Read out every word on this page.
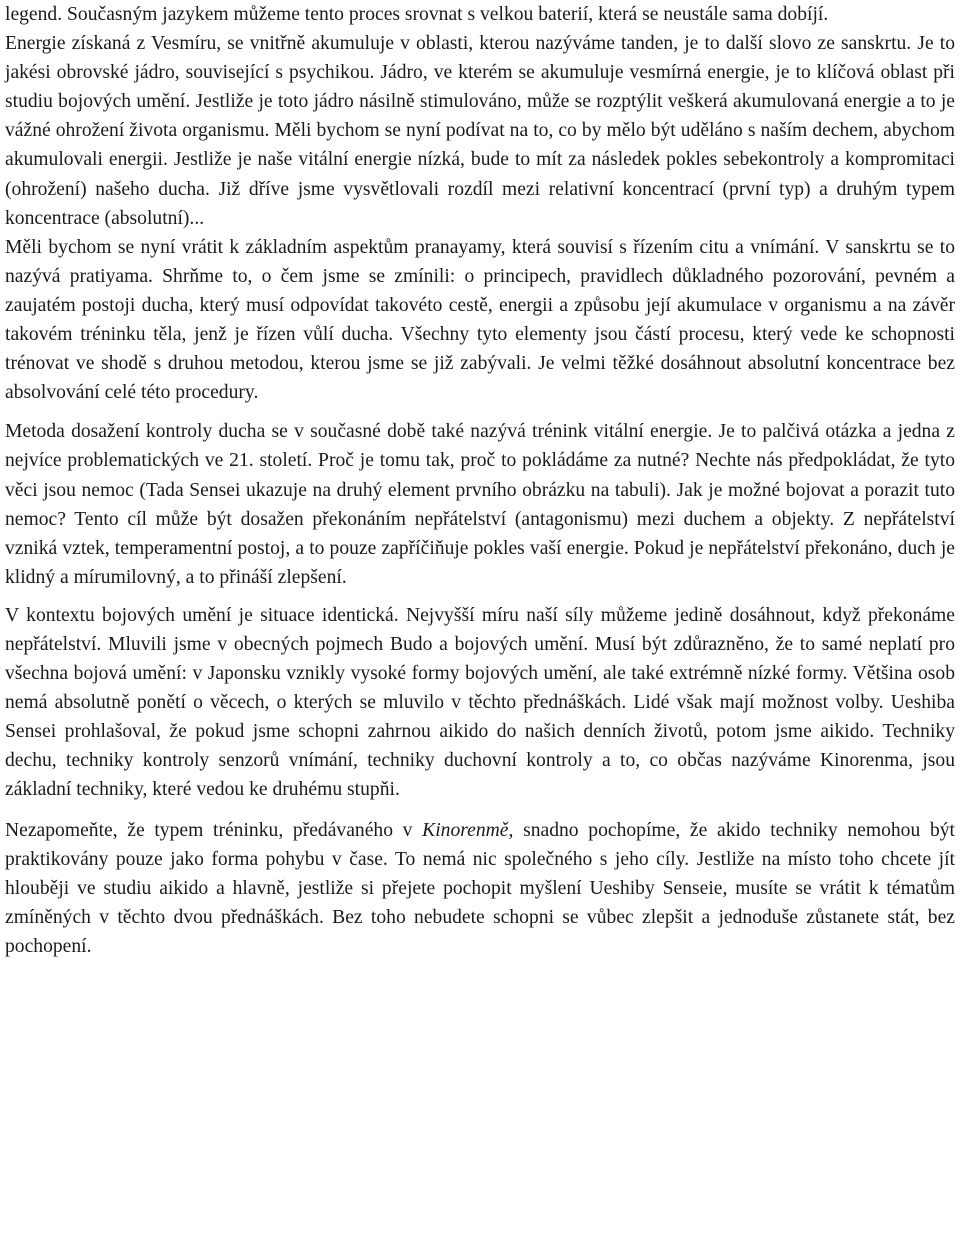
legend. Současným jazykem můžeme tento proces srovnat s velkou baterií, která se neustále sama dobíjí.

Energie získaná z Vesmíru, se vnitřně akumuluje v oblasti, kterou nazýváme tanden, je to další slovo ze sanskrtu. Je to jakési obrovské jádro, související s psychikou. Jádro, ve kterém se akumuluje vesmírná energie, je to klíčová oblast při studiu bojových umění. Jestliže je toto jádro násilně stimulováno, může se rozptýlit veškerá akumulovaná energie a to je vážné ohrožení života organismu. Měli bychom se nyní podívat na to, co by mělo být uděláno s naším dechem, abychom akumulovali energii. Jestliže je naše vitální energie nízká, bude to mít za následek pokles sebekontroly a kompromitaci (ohrožení) našeho ducha. Již dříve jsme vysvětlovali rozdíl mezi relativní koncentrací (první typ) a druhým typem koncentrace (absolutní)...

Měli bychom se nyní vrátit k základním aspektům pranayamy, která souvisí s řízením citu a vnímání. V sanskrtu se to nazývá pratiyama. Shrňme to, o čem jsme se zmínili: o principech, pravidlech důkladného pozorování, pevném a zaujatém postoji ducha, který musí odpovídat takovéto cestě, energii a způsobu její akumulace v organismu a na závěr takovém tréninku těla, jenž je řízen vůlí ducha. Všechny tyto elementy jsou částí procesu, který vede ke schopnosti trénovat ve shodě s druhou metodou, kterou jsme se již zabývali. Je velmi těžké dosáhnout absolutní koncentrace bez absolvování celé této procedury.

Metoda dosažení kontroly ducha se v současné době také nazývá trénink vitální energie. Je to palčivá otázka a jedna z nejvíce problematických ve 21. století. Proč je tomu tak, proč to pokládáme za nutné? Nechte nás předpokládat, že tyto věci jsou nemoc (Tada Sensei ukazuje na druhý element prvního obrázku na tabuli). Jak je možné bojovat a porazit tuto nemoc? Tento cíl může být dosažen překonáním nepřátelství (antagonismu) mezi duchem a objekty. Z nepřátelství vzniká vztek, temperamentní postoj, a to pouze zapříčiňuje pokles vaší energie. Pokud je nepřátelství překonáno, duch je klidný a mírumilovný, a to přináší zlepšení.

V kontextu bojových umění je situace identická. Nejvyšší míru naší síly můžeme jedině dosáhnout, když překonáme nepřátelství. Mluvili jsme v obecných pojmech Budo a bojových umění. Musí být zdůrazněno, že to samé neplatí pro všechna bojová umění: v Japonsku vznikly vysoké formy bojových umění, ale také extrémně nízké formy. Většina osob nemá absolutně ponětí o věcech, o kterých se mluvilo v těchto přednáškách. Lidé však mají možnost volby. Ueshiba Sensei prohlašoval, že pokud jsme schopni zahrnou aikido do našich denních životů, potom jsme aikido. Techniky dechu, techniky kontroly senzorů vnímání, techniky duchovní kontroly a to, co občas nazýváme Kinorenma, jsou základní techniky, které vedou ke druhému stupňi.

Nezapomeňte, že typem tréninku, předávaného v Kinorenmě, snadno pochopíme, že akido techniky nemohou být praktikovány pouze jako forma pohybu v čase. To nemá nic společného s jeho cíly. Jestliže na místo toho chcete jít hlouběji ve studiu aikido a hlavně, jestliže si přejete pochopit myšlení Ueshiby Senseie, musíte se vrátit k tématům zmíněných v těchto dvou přednáškách. Bez toho nebudete schopni se vůbec zlepšit a jednoduše zůstanete stát, bez pochopení.
